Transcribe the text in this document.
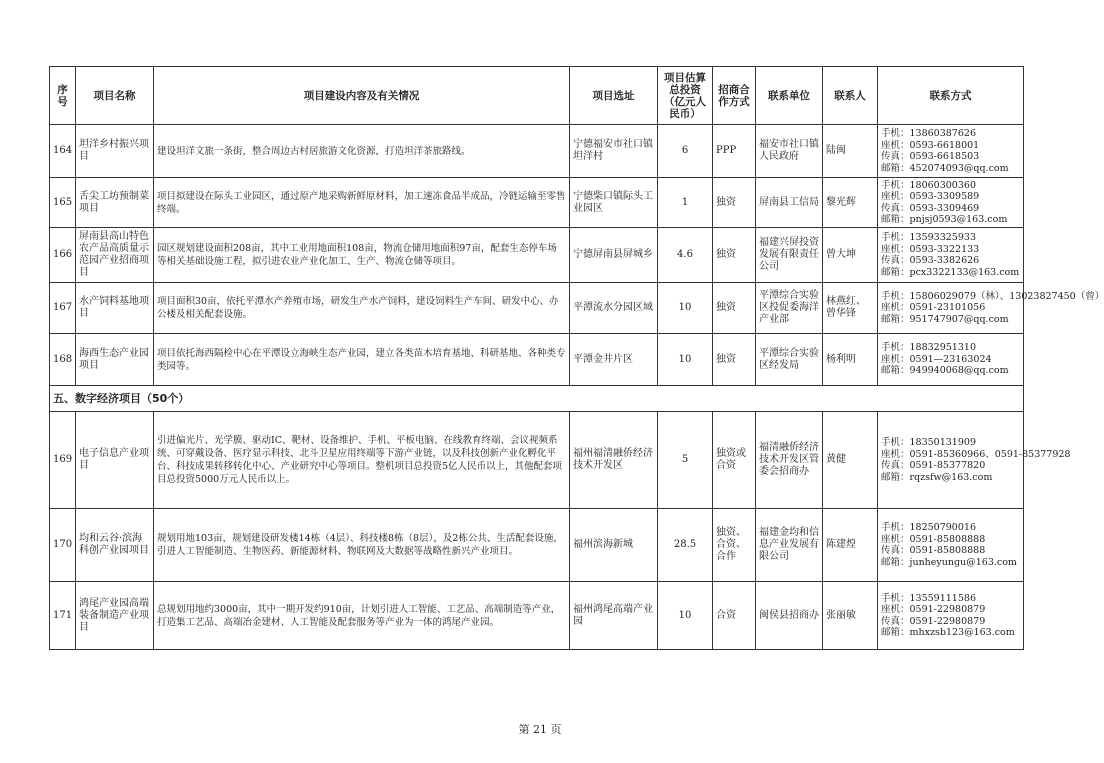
序号	项目名称	项目建设内容及有关情况	项目选址	项目估算总投资（亿元人民币）	招商合作方式	联系单位	联系人	联系方式
164	坦洋乡村振兴项目	建设坦洋文旅一条街，整合周边古村居旅游文化资源，打造坦洋茶旅路线。	宁德福安市社口镇坦洋村	6	PPP	福安市社口镇人民政府	陆闽	手机：13860387626
座机：0593-6618001
传真：0593-6618503
邮箱：452074093@qq.com

165	舌尖工坊预制菜项目	项目拟建设在际头工业园区，通过原产地采购新鲜原材料，加工速冻食品半成品，冷链运输至零售终端。	宁德柴口镇际头工业园区	1	独资	屏南县工信局	黎光辉	手机：18060300360
座机：0593-3309589
传真：0593-3309469
邮箱：pnjsj0593@163.com

166	屏南县高山特色农产品高质量示范园产业招商项目	园区规划建设面积208亩，其中工业用地面积108亩，物流仓储用地面积97亩，配套生态停车场等相关基础设施工程，拟引进农业产业化加工、生产、物流仓储等项目。	宁德屏南县屏城乡	4.6	独资	福建兴屏投资发展有限责任公司	曾大坤	手机：13593325933
座机：0593-3322133
传真：0593-3382626
邮箱：pcx3322133@163.com

167	水产饲料基地项目	项目面积30亩，依托平潭水产养殖市场，研发生产水产饲料，建设饲料生产车间、研发中心、办公楼及相关配套设施。	平潭流水分园区域	10	独资	平潭综合实验区投促委海洋产业部	林燕红、曾华锋	手机：15806029079（林）、13023827450（曾）
座机：0591-23101056
邮箱：951747907@qq.com

168	海西生态产业园项目	项目依托海西隔检中心在平潭设立海峡生态产业园，建立各类苗木培育基地、科研基地、各种类专类园等。	平潭金井片区	10	独资	平潭综合实验区经发局	杨利明	手机：18832951310
座机：0591—23163024
邮箱：949940068@qq.com

五、数字经济项目（50个）								
169	电子信息产业项目	引进偏光片、光学膜、驱动IC、靶材、设备维护、手机、平板电脑、在线教育终端、会议视频系统、可穿戴设备、医疗显示科技、北斗卫星应用终端等下游产业链，以及科技创新产业化孵化平台、科技成果转移转化中心、产业研究中心等项目。整机项目总投资5亿人民币以上，其他配套项目总投资5000万元人民币以上。	福州福清融侨经济技术开发区	5	独资或合资	福清融侨经济技术开发区管委会招商办	黄健	手机：18350131909
座机：0591-85360966、0591-85377928
传真：0591-85377820
邮箱：rqzsfw@163.com

170	均和云谷·滨海科创产业园项目	规划用地103亩，规划建设研发楼14栋（4层）、科技楼8栋（8层），及2栋公共、生活配套设施，引进人工智能制造、生物医药、新能源材料、物联网及大数据等战略性新兴产业项目。	福州滨海新城	28.5	独资、合资、合作	福建金均和信息产业发展有限公司	陈建煌	手机：18250790016
座机：0591-85808888
传真：0591-85808888
邮箱：junheyungu@163.com

171	鸿尾产业园高端装备制造产业项目	总规划用地约3000亩，其中一期开发约910亩，计划引进人工智能、工艺品、高端制造等产业，打造集工艺品、高端冶金建材、人工智能及配套服务等产业为一体的鸿尾产业园。	福州鸿尾高端产业园	10	合资	闽侯县招商办	张丽敏	手机：13559111586
座机：0591-22980879
传真：0591-22980879
邮箱：mhxzsb123@163.com
第 21 页
